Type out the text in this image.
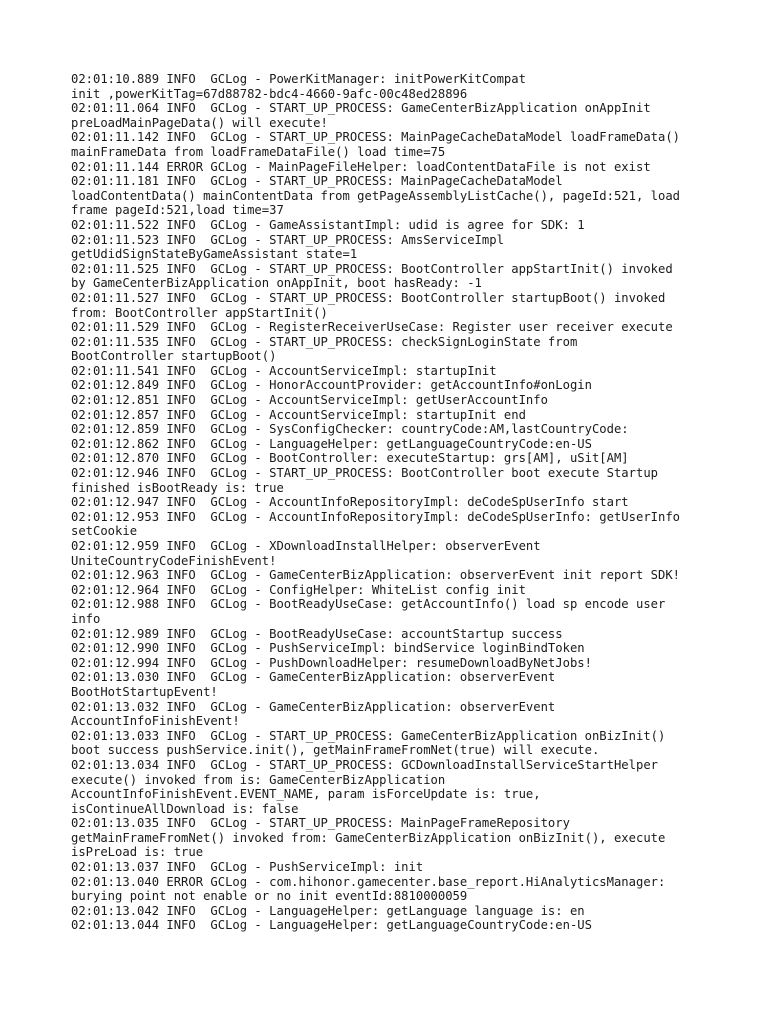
02:01:10.889 INFO  GCLog - PowerKitManager: initPowerKitCompat
init ,powerKitTag=67d88782-bdc4-4660-9afc-00c48ed28896
02:01:11.064 INFO  GCLog - START_UP_PROCESS: GameCenterBizApplication onAppInit
preLoadMainPageData() will execute!
02:01:11.142 INFO  GCLog - START_UP_PROCESS: MainPageCacheDataModel loadFrameData()
mainFrameData from loadFrameDataFile() load time=75
02:01:11.144 ERROR GCLog - MainPageFileHelper: loadContentDataFile is not exist
02:01:11.181 INFO  GCLog - START_UP_PROCESS: MainPageCacheDataModel
loadContentData() mainContentData from getPageAssemblyListCache(), pageId:521, load
frame pageId:521,load time=37
02:01:11.522 INFO  GCLog - GameAssistantImpl: udid is agree for SDK: 1
02:01:11.523 INFO  GCLog - START_UP_PROCESS: AmsServiceImpl
getUdidSignStateByGameAssistant state=1
02:01:11.525 INFO  GCLog - START_UP_PROCESS: BootController appStartInit() invoked
by GameCenterBizApplication onAppInit, boot hasReady: -1
02:01:11.527 INFO  GCLog - START_UP_PROCESS: BootController startupBoot() invoked
from: BootController appStartInit()
02:01:11.529 INFO  GCLog - RegisterReceiverUseCase: Register user receiver execute
02:01:11.535 INFO  GCLog - START_UP_PROCESS: checkSignLoginState from
BootController startupBoot()
02:01:11.541 INFO  GCLog - AccountServiceImpl: startupInit
02:01:12.849 INFO  GCLog - HonorAccountProvider: getAccountInfo#onLogin
02:01:12.851 INFO  GCLog - AccountServiceImpl: getUserAccountInfo
02:01:12.857 INFO  GCLog - AccountServiceImpl: startupInit end
02:01:12.859 INFO  GCLog - SysConfigChecker: countryCode:AM,lastCountryCode:
02:01:12.862 INFO  GCLog - LanguageHelper: getLanguageCountryCode:en-US
02:01:12.870 INFO  GCLog - BootController: executeStartup: grs[AM], uSit[AM]
02:01:12.946 INFO  GCLog - START_UP_PROCESS: BootController boot execute Startup
finished isBootReady is: true
02:01:12.947 INFO  GCLog - AccountInfoRepositoryImpl: deCodeSpUserInfo start
02:01:12.953 INFO  GCLog - AccountInfoRepositoryImpl: deCodeSpUserInfo: getUserInfo
setCookie
02:01:12.959 INFO  GCLog - XDownloadInstallHelper: observerEvent
UniteCountryCodeFinishEvent!
02:01:12.963 INFO  GCLog - GameCenterBizApplication: observerEvent init report SDK!
02:01:12.964 INFO  GCLog - ConfigHelper: WhiteList config init
02:01:12.988 INFO  GCLog - BootReadyUseCase: getAccountInfo() load sp encode user
info
02:01:12.989 INFO  GCLog - BootReadyUseCase: accountStartup success
02:01:12.990 INFO  GCLog - PushServiceImpl: bindService loginBindToken
02:01:12.994 INFO  GCLog - PushDownloadHelper: resumeDownloadByNetJobs!
02:01:13.030 INFO  GCLog - GameCenterBizApplication: observerEvent
BootHotStartupEvent!
02:01:13.032 INFO  GCLog - GameCenterBizApplication: observerEvent
AccountInfoFinishEvent!
02:01:13.033 INFO  GCLog - START_UP_PROCESS: GameCenterBizApplication onBizInit()
boot success pushService.init(), getMainFrameFromNet(true) will execute.
02:01:13.034 INFO  GCLog - START_UP_PROCESS: GCDownloadInstallServiceStartHelper
execute() invoked from is: GameCenterBizApplication
AccountInfoFinishEvent.EVENT_NAME, param isForceUpdate is: true,
isContinueAllDownload is: false
02:01:13.035 INFO  GCLog - START_UP_PROCESS: MainPageFrameRepository
getMainFrameFromNet() invoked from: GameCenterBizApplication onBizInit(), execute
isPreLoad is: true
02:01:13.037 INFO  GCLog - PushServiceImpl: init
02:01:13.040 ERROR GCLog - com.hihonor.gamecenter.base_report.HiAnalyticsManager:
burying point not enable or no init eventId:8810000059
02:01:13.042 INFO  GCLog - LanguageHelper: getLanguage language is: en
02:01:13.044 INFO  GCLog - LanguageHelper: getLanguageCountryCode:en-US
